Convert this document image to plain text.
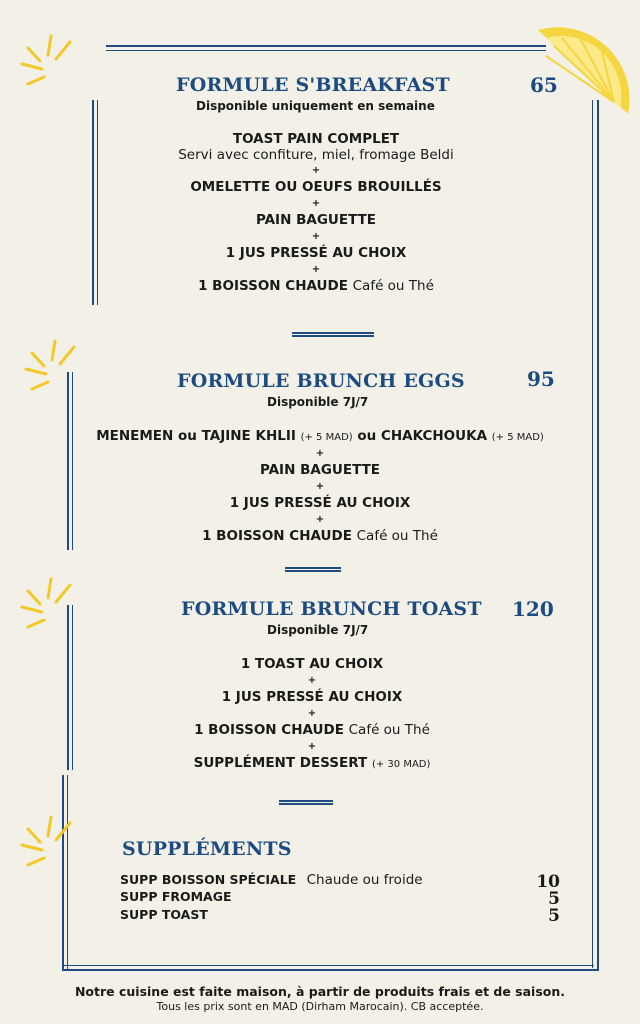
FORMULE S'BREAKFAST	65
Disponible uniquement en semaine
TOAST PAIN COMPLET
Servi avec confiture, miel, fromage Beldi
+
OMELETTE OU OEUFS BROUILLÉS
+
PAIN BAGUETTE
+
1 JUS PRESSÉ AU CHOIX
+
1 BOISSON CHAUDE Café ou Thé
FORMULE BRUNCH EGGS	95
Disponible 7J/7
MENEMEN ou TAJINE KHLII (+ 5 MAD) ou CHAKCHOUKA (+ 5 MAD)
+
PAIN BAGUETTE
+
1 JUS PRESSÉ AU CHOIX
+
1 BOISSON CHAUDE Café ou Thé
FORMULE BRUNCH TOAST 120
Disponible 7J/7
1 TOAST AU CHOIX
+
1 JUS PRESSÉ AU CHOIX
+
1 BOISSON CHAUDE Café ou Thé
+
SUPPLÉMENT DESSERT (+ 30 MAD)
SUPPLÉMENTS
SUPP BOISSON SPÉCIALE Chaude ou froide	10
SUPP FROMAGE	5
SUPP TOAST	5
Notre cuisine est faite maison, à partir de produits frais et de saison.
Tous les prix sont en MAD (Dirham Marocain). CB acceptée.
